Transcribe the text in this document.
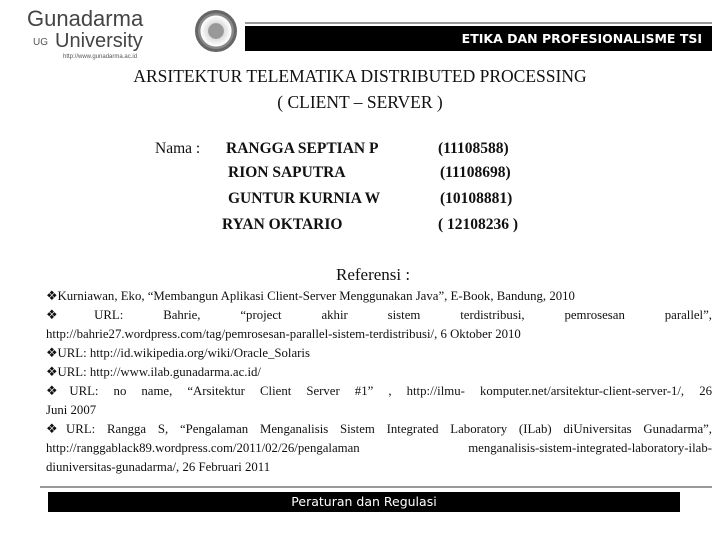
Gunadarma
UG University
http://www.gunadarma.ac.id
ETIKA DAN PROFESIONALISME TSI
ARSITEKTUR TELEMATIKA DISTRIBUTED PROCESSING
( CLIENT – SERVER )
Nama : RANGGA SEPTIAN P	(11108588)
RION SAPUTRA	(11108698)
GUNTUR KURNIA W	(10108881)
RYAN OKTARIO	( 12108236 )
Referensi :
❖Kurniawan, Eko, “Membangun Aplikasi Client-Server Menggunakan Java”, E-Book, Bandung, 2010
❖URL: Bahrie, “project akhir sistem terdistribusi, pemrosesan parallel”,
http://bahrie27.wordpress.com/tag/pemrosesan-parallel-sistem-terdistribusi/, 6 Oktober 2010
❖URL: http://id.wikipedia.org/wiki/Oracle_Solaris
❖URL: http://www.ilab.gunadarma.ac.id/
❖URL: no name, “Arsitektur Client Server #1” , http://ilmu- komputer.net/arsitektur-client-server-1/, 26
Juni 2007
❖URL: Rangga S, “Pengalaman Menganalisis Sistem Integrated Laboratory (ILab) diUniversitas Gunadarma”,
http://ranggablack89.wordpress.com/2011/02/26/pengalaman menganalisis-sistem-integrated-laboratory-ilab-
diuniversitas-gunadarma/, 26 Februari 2011
Peraturan dan Regulasi
